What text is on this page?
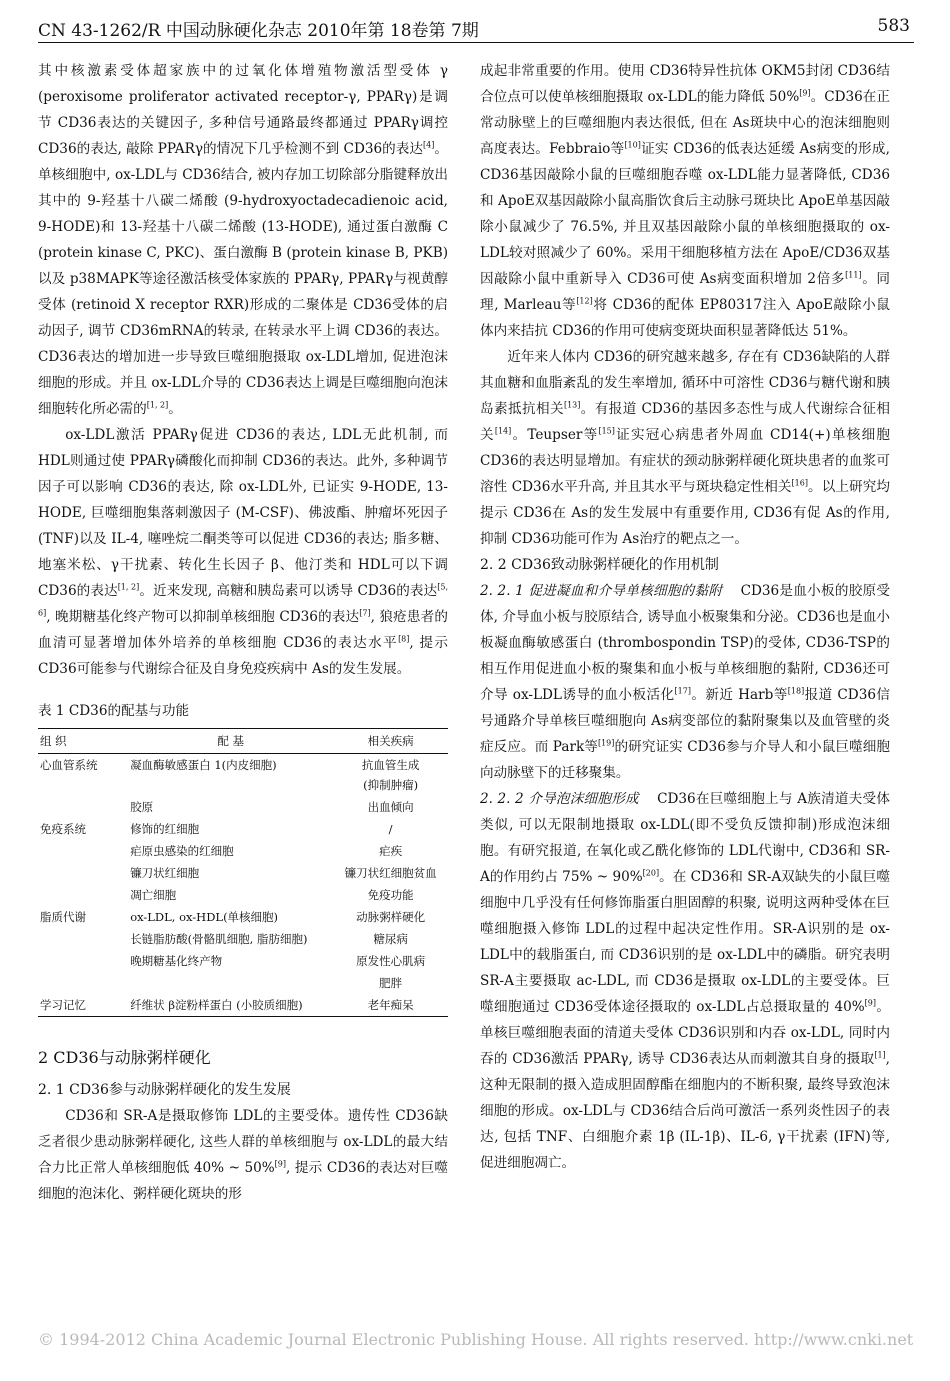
CN 43-1262/R 中国动脉硬化杂志 2010年第 18卷第 7期	583

其中核激素受体超家族中的过氧化体增殖物激活型受体 γ (peroxisome proliferator activated receptor-γ, PPARγ)是调节 CD36表达的关键因子, 多种信号通路最终都通过 PPARγ调控 CD36的表达, 敲除 PPARγ的情况下几乎检测不到 CD36的表达[4]。单核细胞中, ox-LDL与 CD36结合, 被内存加工切除部分脂键释放出其中的 9-羟基十八碳二烯酸 (9-hydroxyoctadecadienoic acid, 9-HODE)和 13-羟基十八碳二烯酸 (13-HODE), 通过蛋白激酶 C (protein kinase C, PKC)、蛋白激酶 B (protein kinase B, PKB)以及 p38MAPK等途径激活核受体家族的 PPARγ, PPARγ与视黄醇受体 (retinoid X receptor RXR)形成的二聚体是 CD36受体的启动因子, 调节 CD36mRNA的转录, 在转录水平上调 CD36的表达。CD36表达的增加进一步导致巨噬细胞摄取 ox-LDL增加, 促进泡沫细胞的形成。并且 ox-LDL介导的 CD36表达上调是巨噬细胞向泡沫细胞转化所必需的[1, 2]。

ox-LDL激活 PPARγ促进 CD36的表达, LDL无此机制, 而 HDL则通过使 PPARγ磷酸化而抑制 CD36的表达。此外, 多种调节因子可以影响 CD36的表达, 除 ox-LDL外, 已证实 9-HODE, 13-HODE, 巨噬细胞集落刺激因子 (M-CSF)、佛波酯、肿瘤坏死因子 (TNF)以及 IL-4, 噻唑烷二酮类等可以促进 CD36的表达; 脂多糖、地塞米松、γ干扰素、转化生长因子 β、他汀类和 HDL可以下调 CD36的表达[1, 2]。近来发现, 高糖和胰岛素可以诱导 CD36的表达[5, 6], 晚期糖基化终产物可以抑制单核细胞 CD36的表达[7], 狼疮患者的血清可显著增加体外培养的单核细胞 CD36的表达水平[8], 提示 CD36可能参与代谢综合征及自身免疫疾病中 As的发生发展。

表 1 CD36的配基与功能

组 织	配 基	相关疾病
心血管系统	凝血酶敏感蛋白 1(内皮细胞)	抗血管生成
(抑制肿瘤)
	胶原	出血倾向
免疫系统	修饰的红细胞	/
	疟原虫感染的红细胞	疟疾
	镰刀状红细胞	镰刀状红细胞贫血
	凋亡细胞	免疫功能
脂质代谢	ox-LDL, ox-HDL(单核细胞)	动脉粥样硬化
	长链脂肪酸(骨骼肌细胞, 脂肪细胞)	糖尿病
	晚期糖基化终产物	原发性心肌病
		肥胖
学习记忆	纤维状 β淀粉样蛋白 (小胶质细胞)	老年痴呆
2 CD36与动脉粥样硬化
2. 1 CD36参与动脉粥样硬化的发生发展

CD36和 SR-A是摄取修饰 LDL的主要受体。遗传性 CD36缺乏者很少患动脉粥样硬化, 这些人群的单核细胞与 ox-LDL的最大结合力比正常人单核细胞低 40% ~ 50%[9], 提示 CD36的表达对巨噬细胞的泡沫化、粥样硬化斑块的形

成起非常重要的作用。使用 CD36特异性抗体 OKM5封闭 CD36结合位点可以使单核细胞摄取 ox-LDL的能力降低 50%[9]。CD36在正常动脉壁上的巨噬细胞内表达很低, 但在 As斑块中心的泡沫细胞则高度表达。Febbraio等[10]证实 CD36的低表达延缓 As病变的形成, CD36基因敲除小鼠的巨噬细胞吞噬 ox-LDL能力显著降低, CD36和 ApoE双基因敲除小鼠高脂饮食后主动脉弓斑块比 ApoE单基因敲除小鼠减少了 76.5%, 并且双基因敲除小鼠的单核细胞摄取的 ox-LDL较对照减少了 60%。采用干细胞移植方法在 ApoE/CD36双基因敲除小鼠中重新导入 CD36可使 As病变面积增加 2倍多[11]。同理, Marleau等[12]将 CD36的配体 EP80317注入 ApoE敲除小鼠体内来拮抗 CD36的作用可使病变斑块面积显著降低达 51%。

近年来人体内 CD36的研究越来越多, 存在有 CD36缺陷的人群其血糖和血脂紊乱的发生率增加, 循环中可溶性 CD36与糖代谢和胰岛素抵抗相关[13]。有报道 CD36的基因多态性与成人代谢综合征相关[14]。Teupser等[15]证实冠心病患者外周血 CD14(+)单核细胞 CD36的表达明显增加。有症状的颈动脉粥样硬化斑块患者的血浆可溶性 CD36水平升高, 并且其水平与斑块稳定性相关[16]。以上研究均提示 CD36在 As的发生发展中有重要作用, CD36有促 As的作用, 抑制 CD36功能可作为 As治疗的靶点之一。

2. 2 CD36致动脉粥样硬化的作用机制

2. 2. 1 促进凝血和介导单核细胞的黏附 CD36是血小板的胶原受体, 介导血小板与胶原结合, 诱导血小板聚集和分泌。CD36也是血小板凝血酶敏感蛋白 (thrombospondin TSP)的受体, CD36-TSP的相互作用促进血小板的聚集和血小板与单核细胞的黏附, CD36还可介导 ox-LDL诱导的血小板活化[17]。新近 Harb等[18]报道 CD36信号通路介导单核巨噬细胞向 As病变部位的黏附聚集以及血管壁的炎症反应。而 Park等[19]的研究证实 CD36参与介导人和小鼠巨噬细胞向动脉壁下的迁移聚集。

2. 2. 2 介导泡沫细胞形成 CD36在巨噬细胞上与 A族清道夫受体类似, 可以无限制地摄取 ox-LDL(即不受负反馈抑制)形成泡沫细胞。有研究报道, 在氧化或乙酰化修饰的 LDL代谢中, CD36和 SR-A的作用约占 75% ~ 90%[20]。在 CD36和 SR-A双缺失的小鼠巨噬细胞中几乎没有任何修饰脂蛋白胆固醇的积聚, 说明这两种受体在巨噬细胞摄入修饰 LDL的过程中起决定性作用。SR-A识别的是 ox-LDL中的载脂蛋白, 而 CD36识别的是 ox-LDL中的磷脂。研究表明 SR-A主要摄取 ac-LDL, 而 CD36是摄取 ox-LDL的主要受体。巨噬细胞通过 CD36受体途径摄取的 ox-LDL占总摄取量的 40%[9]。单核巨噬细胞表面的清道夫受体 CD36识别和内吞 ox-LDL, 同时内吞的 CD36激活 PPARγ, 诱导 CD36表达从而刺激其自身的摄取[1], 这种无限制的摄入造成胆固醇酯在细胞内的不断积聚, 最终导致泡沫细胞的形成。ox-LDL与 CD36结合后尚可激活一系列炎性因子的表达, 包括 TNF、白细胞介素 1β (IL-1β)、IL-6, γ干扰素 (IFN)等, 促进细胞凋亡。

© 1994-2012 China Academic Journal Electronic Publishing House. All rights reserved. http://www.cnki.net
